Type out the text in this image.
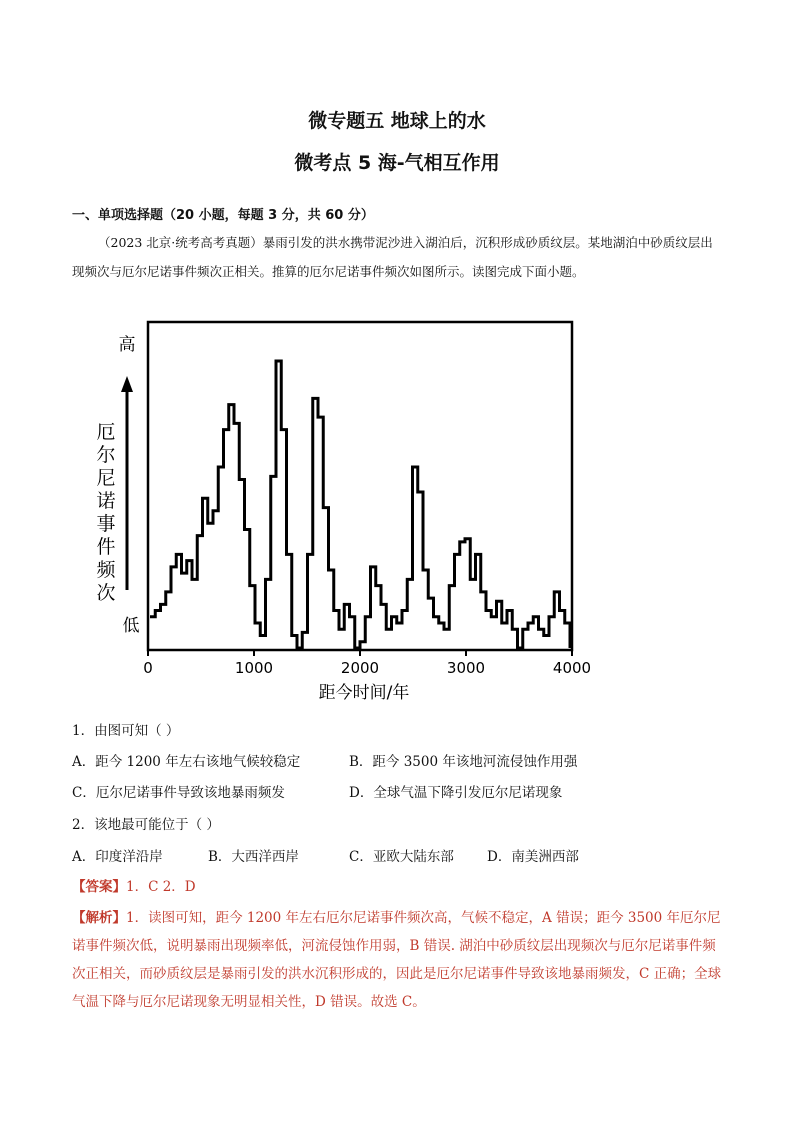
微专题五 地球上的水
微考点 5 海-气相互作用
一、单项选择题（20 小题，每题 3 分，共 60 分）
（2023 北京·统考高考真题）暴雨引发的洪水携带泥沙进入湖泊后，沉积形成砂质纹层。某地湖泊中砂质纹层出现频次与厄尔尼诺事件频次正相关。推算的厄尔尼诺事件频次如图所示。读图完成下面小题。
0	1000	2000	3000	4000
高
低
厄尔尼诺事件频次
距今时间/年
1．由图可知（ ）
A．距今 1200 年左右该地气候较稳定	B．距今 3500 年该地河流侵蚀作用强
C．厄尔尼诺事件导致该地暴雨频发	D．全球气温下降引发厄尔尼诺现象
2．该地最可能位于（ ）
A．印度洋沿岸	B．大西洋西岸	C．亚欧大陆东部 D．南美洲西部
【答案】1．C 2．D
【解析】1．读图可知，距今 1200 年左右厄尔尼诺事件频次高，气候不稳定，A 错误；距今 3500 年厄尔尼诺事件频次低，说明暴雨出现频率低，河流侵蚀作用弱，B 错误. 湖泊中砂质纹层出现频次与厄尔尼诺事件频次正相关，而砂质纹层是暴雨引发的洪水沉积形成的，因此是厄尔尼诺事件导致该地暴雨频发，C 正确；全球气温下降与厄尔尼诺现象无明显相关性，D 错误。故选 C。
